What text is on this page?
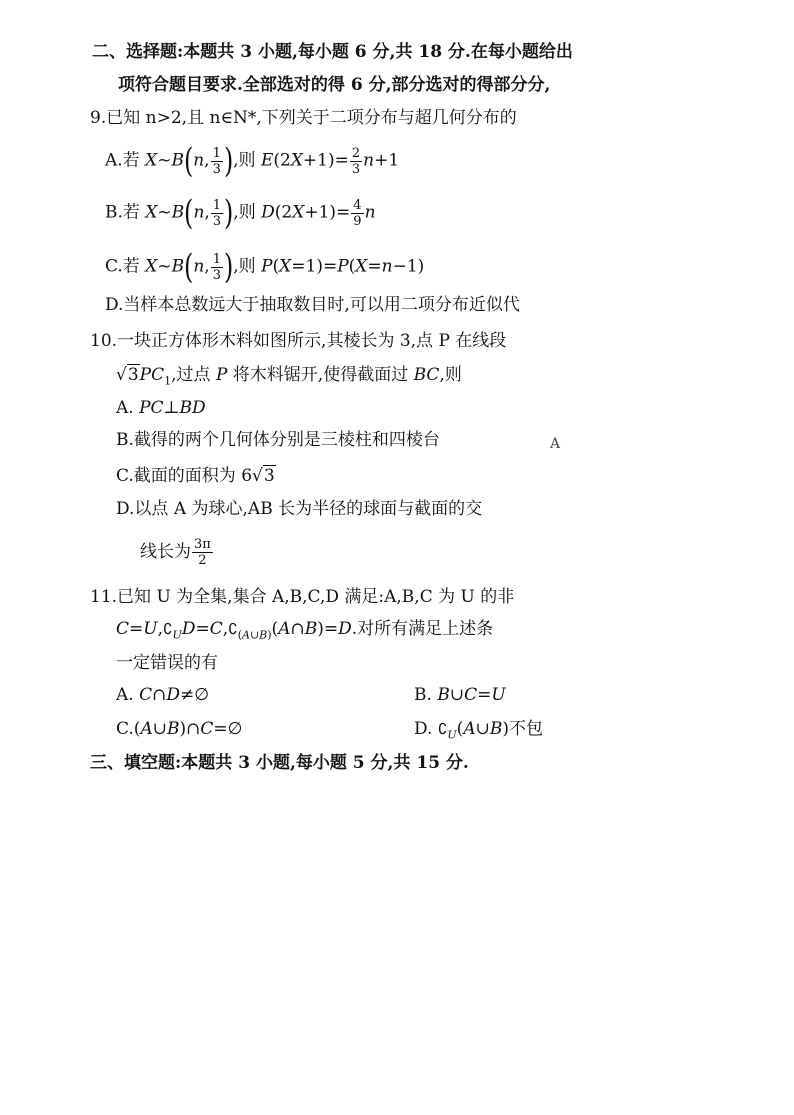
二、选择题:本题共 3 小题,每小题 6 分,共 18 分.在每小题给出
项符合题目要求.全部选对的得 6 分,部分选对的得部分分,
9.已知 n>2,且 n∈N*,下列关于二项分布与超几何分布的
A.若 X~B(n, $\frac{1}{3}$ ),则 $E(2X+1)= \frac{2}{3} n+1$
B.若 X~B(n, $\frac{1}{3}$ ),则 $D(2X+1)= \frac{4}{9}$ n
C.若 X~B(n, $\frac{1}{3}$ ),则 P(X=1)=P(X=n−1)
D.当样本总数远大于抽取数目时,可以用二项分布近似代
10.一块正方体形木料如图所示,其棱长为 3,点 P 在线段
$√3PC_1$,过点 P 将木料锯开,使得截面过 BC,则
A. PC⊥BD
B.截得的两个几何体分别是三棱柱和四棱台	A
C.截面的面积为 6√3
D.以点 A 为球心,AB 长为半径的球面与截面的交
线长为 $\frac{3\pi}{2}$
11.已知 U 为全集,集合 A,B,C,D 满足:A,B,C 为 U 的非
$C=U,∁_UD=C,∁_{(A\cup B)}(A\cap B)=D$.对所有满足上述条
一定错误的有
A. C∩D≠∅	B. B∪C=U
C.(A∪B)∩C=∅	D. $∁_U(A\cup B)$不包
三、填空题:本题共 3 小题,每小题 5 分,共 15 分.
